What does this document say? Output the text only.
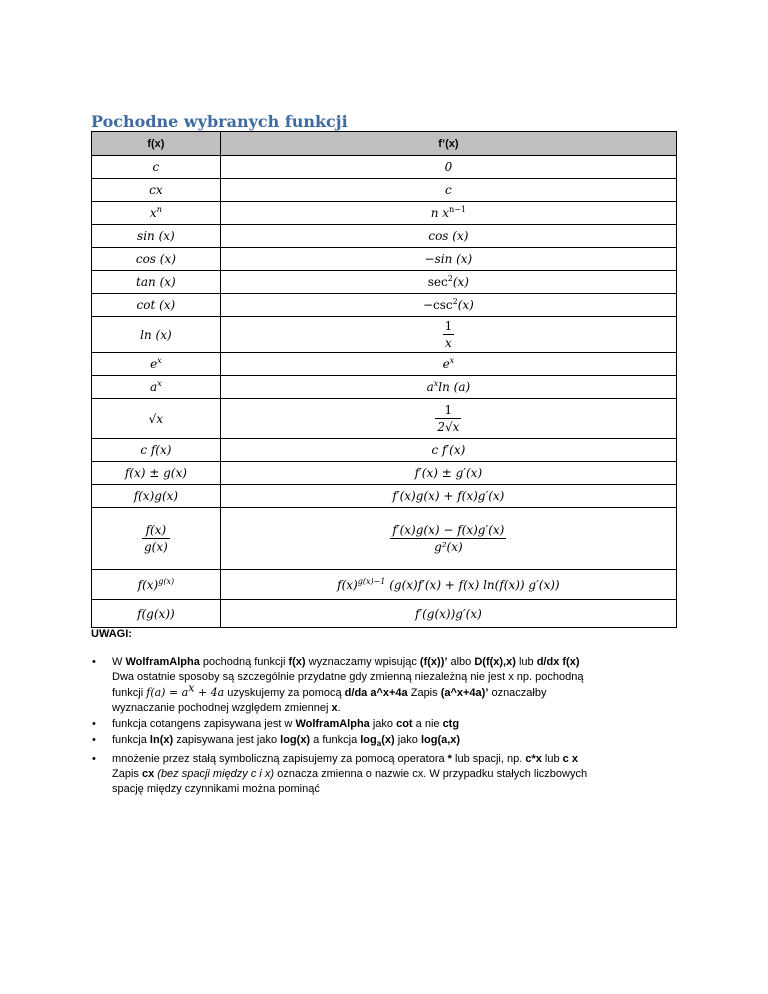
Pochodne wybranych funkcji
f(x)	f’(x)
c	0
cx	c
$x^n$	n $x^{n-1}$
sin (x)	cos (x)
cos (x)	−sin (x)
tan (x)	$\sec^2(x)$
cot (x)	$-\csc^2(x)$
ln (x)	$\frac{1}{x}$

$e^x$	$e^x$
$a^x$	$a^x\ln$ (a)
√x	$\frac{1}{2√x}$

c f(x)	c f′(x)
f(x) ± g(x)	f′(x) ± g′(x)
f(x)g(x)	f′(x)g(x) + f(x)g′(x)

$\frac{f(x)}{g(x)}$	$\frac{f'(x)g(x) - f(x)g'(x)}{\text{g²(x)}}$

$f(x)^{g(x)}$	$f(x)^{g(x)-1}$ (g(x)f′(x) + f(x) ln(f(x)) g′(x))
f(g(x))	f′(g(x))g′(x)

UWAGI:

• W WolframAlpha pochodną funkcji f(x) wyznaczamy wpisując (f(x))’ albo D(f(x),x) lub d/dx f(x)
Dwa ostatnie sposoby są szczególnie przydatne gdy zmienną niezależną nie jest x np. pochodną
funkcji $f(a) = a^x + 4a$ uzyskujemy za pomocą d/da a^x+4a Zapis (a^x+4a)’ oznaczałby
wyznaczanie pochodnej względem zmiennej x.
• funkcja cotangens zapisywana jest w WolframAlpha jako cot a nie ctg
• funkcja ln(x) zapisywana jest jako log(x) a funkcja $\log_a(x)$ jako log(a,x)
• mnożenie przez stałą symboliczną zapisujemy za pomocą operatora * lub spacji, np. c*x lub c x
Zapis cx (bez spacji między c i x) oznacza zmienna o nazwie cx. W przypadku stałych liczbowych
spację między czynnikami można pominąć
